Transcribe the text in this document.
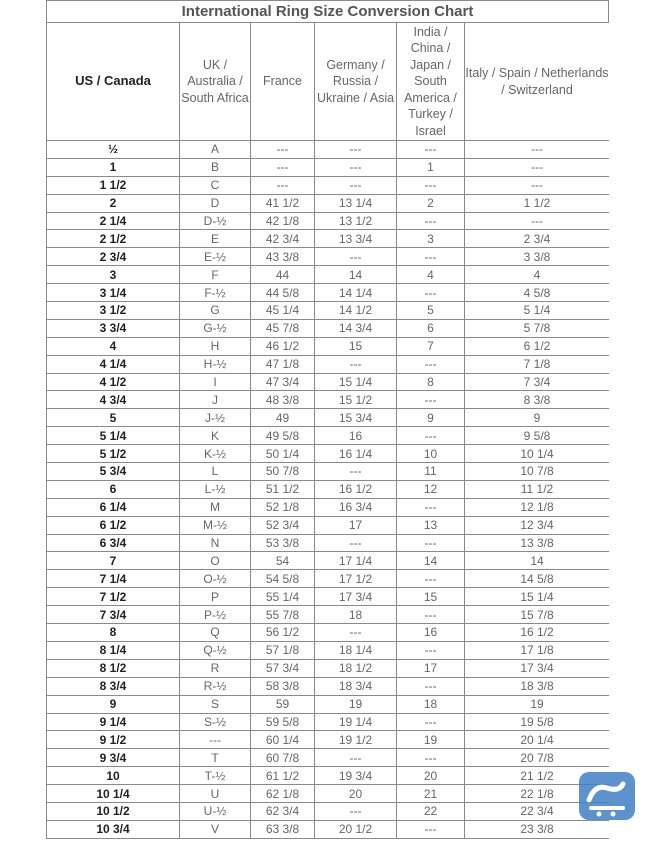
International Ring Size Conversion Chart
US / Canada	UK / Australia / South Africa	France	Germany / Russia / Ukraine / Asia	India / China / Japan / South America / Turkey / Israel	Italy / Spain / Netherlands / Switzerland
½	A	---	---	---	---
1	B	---	---	1	---
1 1/2	C	---	---	---	---
2	D	41 1/2	13 1/4	2	1 1/2
2 1/4	D-½	42 1/8	13 1/2	---	---
2 1/2	E	42 3/4	13 3/4	3	2 3/4
2 3/4	E-½	43 3/8	---	---	3 3/8
3	F	44	14	4	4
3 1/4	F-½	44 5/8	14 1/4	---	4 5/8
3 1/2	G	45 1/4	14 1/2	5	5 1/4
3 3/4	G-½	45 7/8	14 3/4	6	5 7/8
4	H	46 1/2	15	7	6 1/2
4 1/4	H-½	47 1/8	---	---	7 1/8
4 1/2	I	47 3/4	15 1/4	8	7 3/4
4 3/4	J	48 3/8	15 1/2	---	8 3/8
5	J-½	49	15 3/4	9	9
5 1/4	K	49 5/8	16	---	9 5/8
5 1/2	K-½	50 1/4	16 1/4	10	10 1/4
5 3/4	L	50 7/8	---	11	10 7/8
6	L-½	51 1/2	16 1/2	12	11 1/2
6 1/4	M	52 1/8	16 3/4	---	12 1/8
6 1/2	M-½	52 3/4	17	13	12 3/4
6 3/4	N	53 3/8	---	---	13 3/8
7	O	54	17 1/4	14	14
7 1/4	O-½	54 5/8	17 1/2	---	14 5/8
7 1/2	P	55 1/4	17 3/4	15	15 1/4
7 3/4	P-½	55 7/8	18	---	15 7/8
8	Q	56 1/2	---	16	16 1/2
8 1/4	Q-½	57 1/8	18 1/4	---	17 1/8
8 1/2	R	57 3/4	18 1/2	17	17 3/4
8 3/4	R-½	58 3/8	18 3/4	---	18 3/8
9	S	59	19	18	19
9 1/4	S-½	59 5/8	19 1/4	---	19 5/8
9 1/2	---	60 1/4	19 1/2	19	20 1/4
9 3/4	T	60 7/8	---	---	20 7/8
10	T-½	61 1/2	19 3/4	20	21 1/2
10 1/4	U	62 1/8	20	21	22 1/8
10 1/2	U-½	62 3/4	---	22	22 3/4
10 3/4	V	63 3/8	20 1/2	---	23 3/8
